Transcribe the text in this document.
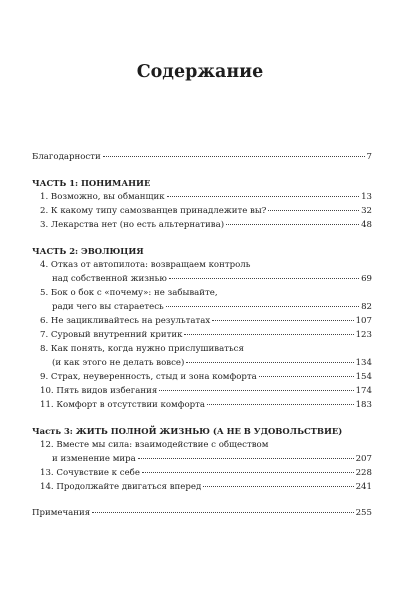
Содержание
Благодарности	7
ЧАСТЬ 1: ПОНИМАНИЕ
1. Возможно, вы обманщик	13
2. К какому типу самозванцев принадлежите вы?	32
3. Лекарства нет (но есть альтернатива)	48
ЧАСТЬ 2: ЭВОЛЮЦИЯ
4. Отказ от автопилота: возвращаем контроль
над собственной жизнью	69
5. Бок о бок с «почему»: не забывайте,
ради чего вы стараетесь	82
6. Не зацикливайтесь на результатах	107
7. Суровый внутренний критик	123
8. Как понять, когда нужно прислушиваться
(и как этого не делать вовсе)	134
9. Страх, неуверенность, стыд и зона комфорта	154
10. Пять видов избегания	174
11. Комфорт в отсутствии комфорта	183
Часть 3: ЖИТЬ ПОЛНОЙ ЖИЗНЬЮ (А НЕ В УДОВОЛЬСТВИЕ)
12. Вместе мы сила: взаимодействие с обществом
и изменение мира	207
13. Сочувствие к себе	228
14. Продолжайте двигаться вперед	241
Примечания	255
